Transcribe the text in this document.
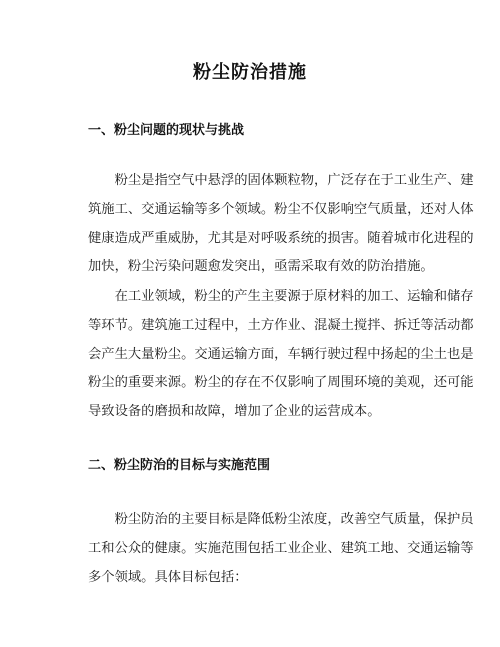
粉尘防治措施
一、粉尘问题的现状与挑战
　　粉尘是指空气中悬浮的固体颗粒物，广泛存在于工业生产、建
筑施工、交通运输等多个领域。粉尘不仅影响空气质量，还对人体
健康造成严重威胁，尤其是对呼吸系统的损害。随着城市化进程的
加快，粉尘污染问题愈发突出，亟需采取有效的防治措施。
　　在工业领域，粉尘的产生主要源于原材料的加工、运输和储存
等环节。建筑施工过程中，土方作业、混凝土搅拌、拆迁等活动都
会产生大量粉尘。交通运输方面，车辆行驶过程中扬起的尘土也是
粉尘的重要来源。粉尘的存在不仅影响了周围环境的美观，还可能
导致设备的磨损和故障，增加了企业的运营成本。
二、粉尘防治的目标与实施范围
　　粉尘防治的主要目标是降低粉尘浓度，改善空气质量，保护员
工和公众的健康。实施范围包括工业企业、建筑工地、交通运输等
多个领域。具体目标包括：
